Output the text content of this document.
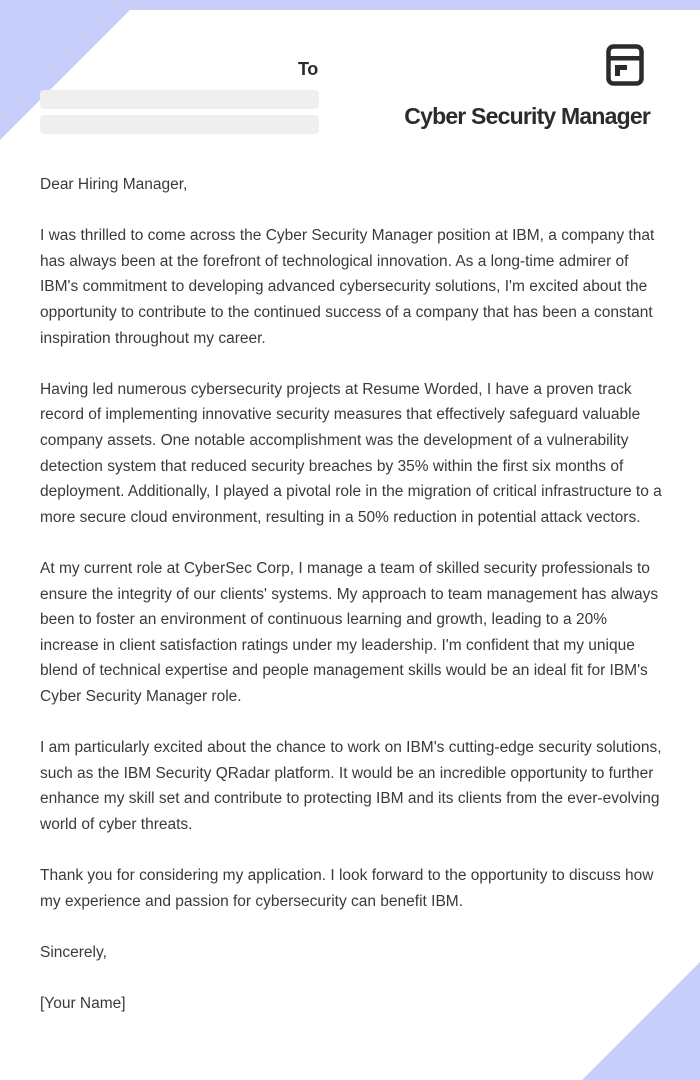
To
Cyber Security Manager

Dear Hiring Manager,

I was thrilled to come across the Cyber Security Manager position at IBM, a company that has always been at the forefront of technological innovation. As a long-time admirer of IBM's commitment to developing advanced cybersecurity solutions, I'm excited about the opportunity to contribute to the continued success of a company that has been a constant inspiration throughout my career.

Having led numerous cybersecurity projects at Resume Worded, I have a proven track record of implementing innovative security measures that effectively safeguard valuable company assets. One notable accomplishment was the development of a vulnerability detection system that reduced security breaches by 35% within the first six months of deployment. Additionally, I played a pivotal role in the migration of critical infrastructure to a more secure cloud environment, resulting in a 50% reduction in potential attack vectors.

At my current role at CyberSec Corp, I manage a team of skilled security professionals to ensure the integrity of our clients' systems. My approach to team management has always been to foster an environment of continuous learning and growth, leading to a 20% increase in client satisfaction ratings under my leadership. I'm confident that my unique blend of technical expertise and people management skills would be an ideal fit for IBM's Cyber Security Manager role.

I am particularly excited about the chance to work on IBM's cutting-edge security solutions, such as the IBM Security QRadar platform. It would be an incredible opportunity to further enhance my skill set and contribute to protecting IBM and its clients from the ever-evolving world of cyber threats.

Thank you for considering my application. I look forward to the opportunity to discuss how my experience and passion for cybersecurity can benefit IBM.

Sincerely,

[Your Name]
